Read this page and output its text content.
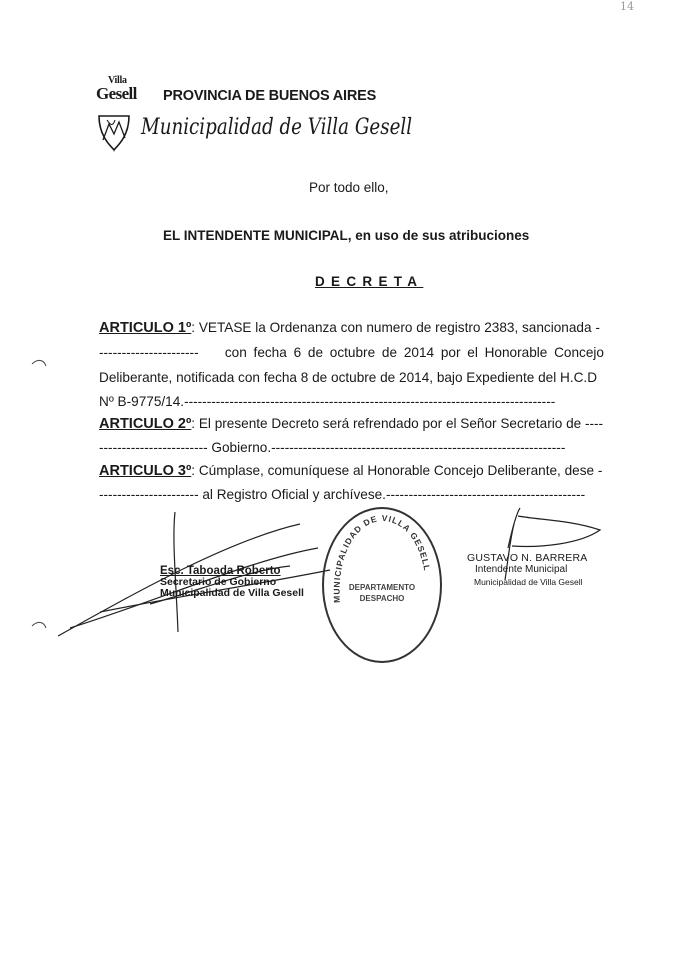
14
Villa
Gesell PROVINCIA DE BUENOS AIRES
Municipalidad de Villa Gesell
Por todo ello,
EL INTENDENTE MUNICIPAL, en uso de sus atribuciones
DECRETA
ARTICULO 1º: VETASE la Ordenanza con numero de registro 2383, sancionada -
---------------------- con fecha 6 de octubre de 2014 por el Honorable Concejo
Deliberante, notificada con fecha 8 de octubre de 2014, bajo Expediente del H.C.D
Nº B-9775/14.----------------------------------------------------------------------------------
ARTICULO 2º: El presente Decreto será refrendado por el Señor Secretario de ----
------------------------ Gobierno.-----------------------------------------------------------------
ARTICULO 3º: Cúmplase, comuníquese al Honorable Concejo Deliberante, dese -
---------------------- al Registro Oficial y archívese.--------------------------------------------
Esc. Taboada Roberto
Secretario de Gobierno
Municipalidad de Villa Gesell	MUNICIPALIDAD DE VILLA GESELL
DEPARTAMENTO
DESPACHO
GUSTAVO N. BARRERA
Intendente Municipal
Municipalidad de Villa Gesell
